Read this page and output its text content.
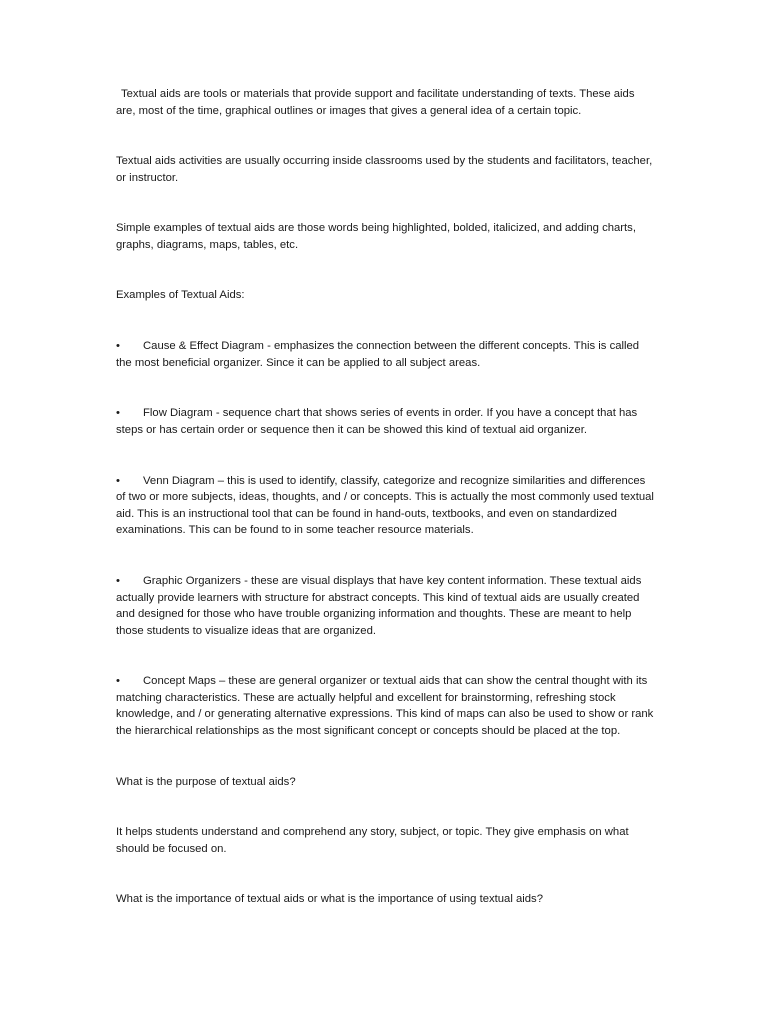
Textual aids are tools or materials that provide support and facilitate understanding of texts. These aids are, most of the time, graphical outlines or images that gives a general idea of a certain topic.

Textual aids activities are usually occurring inside classrooms used by the students and facilitators, teacher, or instructor.

Simple examples of textual aids are those words being highlighted, bolded, italicized, and adding charts, graphs, diagrams, maps, tables, etc.

Examples of Textual Aids:

• Cause & Effect Diagram - emphasizes the connection between the different concepts. This is called the most beneficial organizer. Since it can be applied to all subject areas.

• Flow Diagram - sequence chart that shows series of events in order. If you have a concept that has steps or has certain order or sequence then it can be showed this kind of textual aid organizer.

• Venn Diagram – this is used to identify, classify, categorize and recognize similarities and differences of two or more subjects, ideas, thoughts, and / or concepts. This is actually the most commonly used textual aid. This is an instructional tool that can be found in hand-outs, textbooks, and even on standardized examinations. This can be found to in some teacher resource materials.

• Graphic Organizers - these are visual displays that have key content information. These textual aids actually provide learners with structure for abstract concepts. This kind of textual aids are usually created and designed for those who have trouble organizing information and thoughts. These are meant to help those students to visualize ideas that are organized.

• Concept Maps – these are general organizer or textual aids that can show the central thought with its matching characteristics. These are actually helpful and excellent for brainstorming, refreshing stock knowledge, and / or generating alternative expressions. This kind of maps can also be used to show or rank the hierarchical relationships as the most significant concept or concepts should be placed at the top.

What is the purpose of textual aids?

It helps students understand and comprehend any story, subject, or topic. They give emphasis on what should be focused on.

What is the importance of textual aids or what is the importance of using textual aids?
